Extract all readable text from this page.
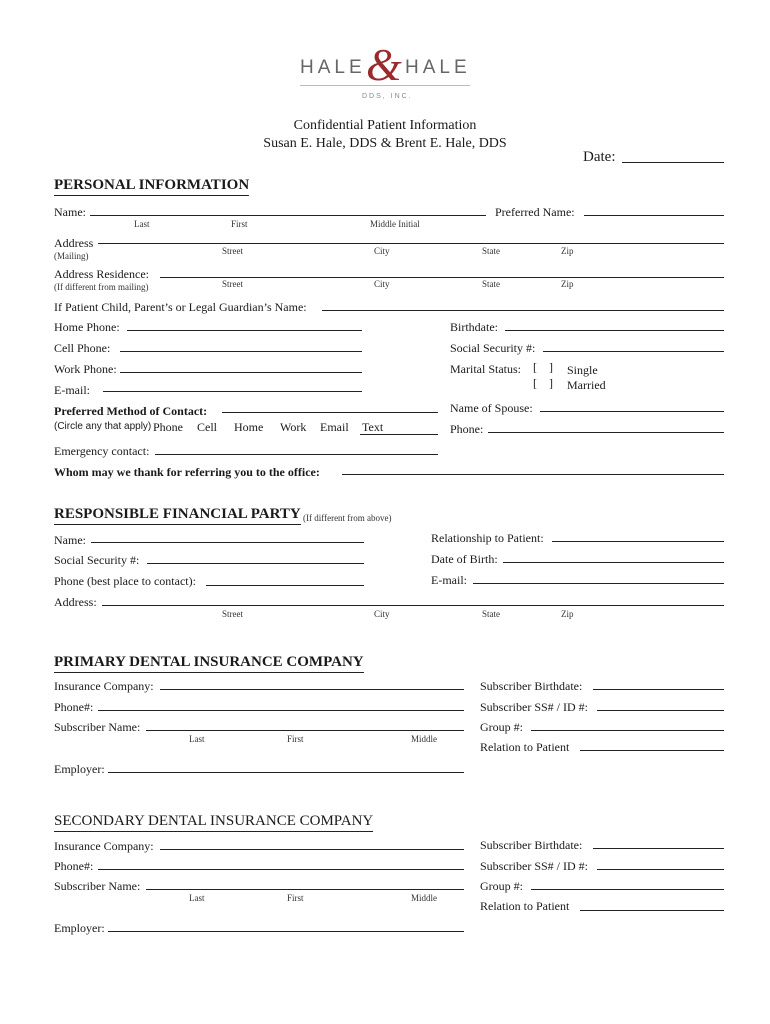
HALE & HALE
DDS, INC.
Confidential Patient Information
Susan E. Hale, DDS & Brent E. Hale, DDS
Date:
PERSONAL INFORMATION
Name:
Last	First	Middle Initial
Preferred Name:
Address
(Mailing)	Street	City	State	Zip
Address Residence:
(If different from mailing)	Street	City	State	Zip
If Patient Child, Parent’s or Legal Guardian’s Name:
Home Phone:	Birthdate:
Cell Phone:	Social Security #:
Work Phone:	Marital Status: [    ] Single
[    ] Married
E-mail:
Preferred Method of Contact:
(Circle any that apply) Phone Cell Home Work Email Text
Name of Spouse:
Phone:
Emergency contact:
Whom may we thank for referring you to the office:
RESPONSIBLE FINANCIAL PARTY (If different from above)
Name:	Relationship to Patient:
Social Security #:	Date of Birth:
Phone (best place to contact):	E-mail:
Address:
Street	City	State	Zip
PRIMARY DENTAL INSURANCE COMPANY
Insurance Company:	Subscriber Birthdate:
Phone#:	Subscriber SS# / ID #:
Subscriber Name:
Last	First	Middle
Group #:
Relation to Patient
Employer:
SECONDARY DENTAL INSURANCE COMPANY
Insurance Company:	Subscriber Birthdate:
Phone#:	Subscriber SS# / ID #:
Subscriber Name:
Last	First	Middle
Group #:
Relation to Patient
Employer:
